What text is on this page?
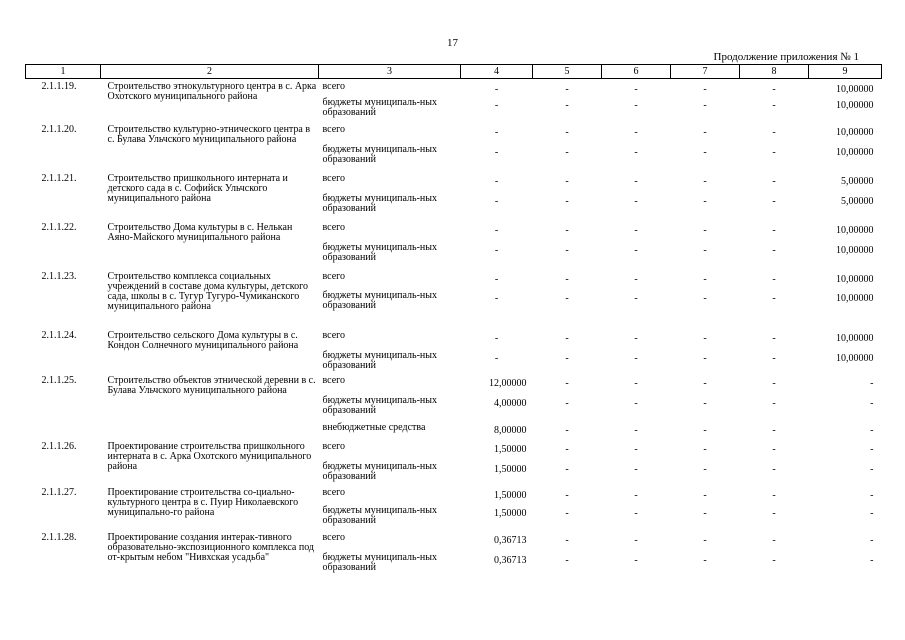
17
Продолжение приложения № 1
1	2	3	4	5	6	7	8	9
2.1.1.19.	Строительство этнокультурного центра в с. Арка Охотского муниципального района	всего	-	-	-	-	-	10,00000
		бюджеты муниципаль-ных образований	-	-	-	-	-	10,00000
2.1.1.20.	Строительство культурно-этнического центра в с. Булава Ульчского муниципального района	всего	-	-	-	-	-	10,00000
		бюджеты муниципаль-ных образований	-	-	-	-	-	10,00000
2.1.1.21.	Строительство пришкольного интерната и детского сада в с. Софийск Ульчского муниципального района	всего	-	-	-	-	-	5,00000
		бюджеты муниципаль-ных образований	-	-	-	-	-	5,00000
2.1.1.22.	Строительство Дома культуры в с. Нелькан Аяно-Майского муниципального района	всего	-	-	-	-	-	10,00000
		бюджеты муниципаль-ных образований	-	-	-	-	-	10,00000
2.1.1.23.	Строительство комплекса социальных учреждений в составе дома культуры, детского сада, школы в с. Тугур Тугуро-Чумиканского муниципального района	всего	-	-	-	-	-	10,00000
		бюджеты муниципаль-ных образований	-	-	-	-	-	10,00000
2.1.1.24.	Строительство сельского Дома культуры в с. Кондон Солнечного муниципального района	всего	-	-	-	-	-	10,00000
		бюджеты муниципаль-ных образований	-	-	-	-	-	10,00000
2.1.1.25.	Строительство объектов этнической деревни в с. Булава Ульчского муниципального района	всего	12,00000	-	-	-	-	-
		бюджеты муниципаль-ных образований	4,00000	-	-	-	-	-
		внебюджетные средства	8,00000	-	-	-	-	-
2.1.1.26.	Проектирование строительства пришкольного интерната в с. Арка Охотского муниципального района	всего	1,50000	-	-	-	-	-
		бюджеты муниципаль-ных образований	1,50000	-	-	-	-	-
2.1.1.27.	Проектирование строительства со-циально-культурного центра в с. Пуир Николаевского муниципально-го района	всего	1,50000	-	-	-	-	-
		бюджеты муниципаль-ных образований	1,50000	-	-	-	-	-
2.1.1.28.	Проектирование создания интерак-тивного образовательно-экспозиционного комплекса под от-крытым небом "Нивхская усадьба"	всего	0,36713	-	-	-	-	-
		бюджеты муниципаль-ных образований	0,36713	-	-	-	-	-
